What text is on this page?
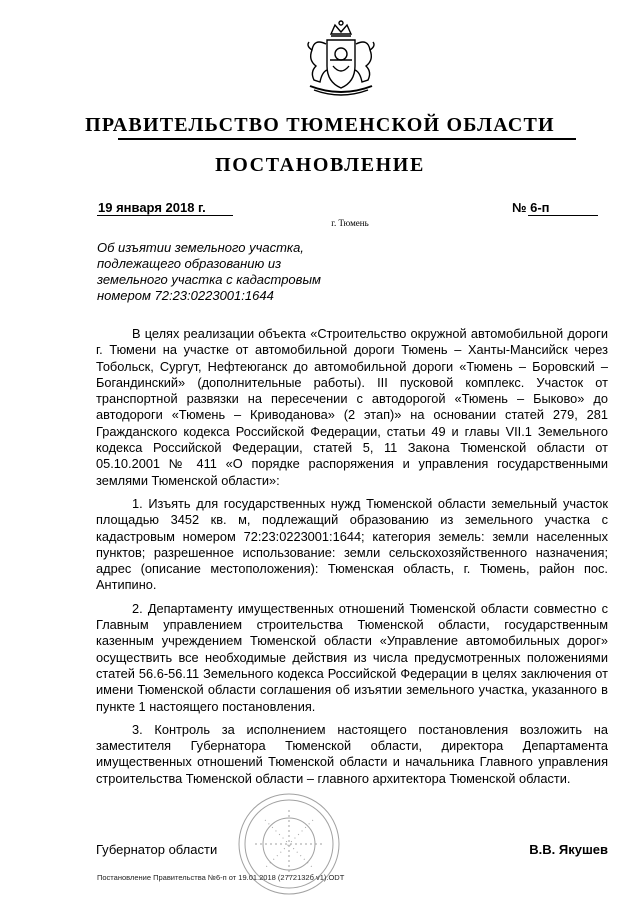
ПРАВИТЕЛЬСТВО ТЮМЕНСКОЙ ОБЛАСТИ
ПОСТАНОВЛЕНИЕ
19 января 2018 г.	№ 6-п
г. Тюмень
Об изъятии земельного участка,
подлежащего образованию из
земельного участка с кадастровым
номером 72:23:0223001:1644

В целях реализации объекта «Строительство окружной автомобильной дороги г. Тюмени на участке от автомобильной дороги Тюмень – Ханты-Мансийск через Тобольск, Сургут, Нефтеюганск до автомобильной дороги «Тюмень – Боровский – Богандинский» (дополнительные работы). III пусковой комплекс. Участок от транспортной развязки на пересечении с автодорогой «Тюмень – Быково» до автодороги «Тюмень – Криводанова» (2 этап)» на основании статей 279, 281 Гражданского кодекса Российской Федерации, статьи 49 и главы VII.1 Земельного кодекса Российской Федерации, статей 5, 11 Закона Тюменской области от 05.10.2001 № 411 «О порядке распоряжения и управления государственными землями Тюменской области»:

1. Изъять для государственных нужд Тюменской области земельный участок площадью 3452 кв. м, подлежащий образованию из земельного участка с кадастровым номером 72:23:0223001:1644; категория земель: земли населенных пунктов; разрешенное использование: земли сельскохозяйственного назначения; адрес (описание местоположения): Тюменская область, г. Тюмень, район пос. Антипино.

2. Департаменту имущественных отношений Тюменской области совместно с Главным управлением строительства Тюменской области, государственным казенным учреждением Тюменской области «Управление автомобильных дорог» осуществить все необходимые действия из числа предусмотренных положениями статей 56.6-56.11 Земельного кодекса Российской Федерации в целях заключения от имени Тюменской области соглашения об изъятии земельного участка, указанного в пункте 1 настоящего постановления.

3. Контроль за исполнением настоящего постановления возложить на заместителя Губернатора Тюменской области, директора Департамента имущественных отношений Тюменской области и начальника Главного управления строительства Тюменской области – главного архитектора Тюменской области.

Губернатор области	В.В. Якушев
Постановление Правительства №6-п от 19.01.2018 (2772132б v1).ODT
